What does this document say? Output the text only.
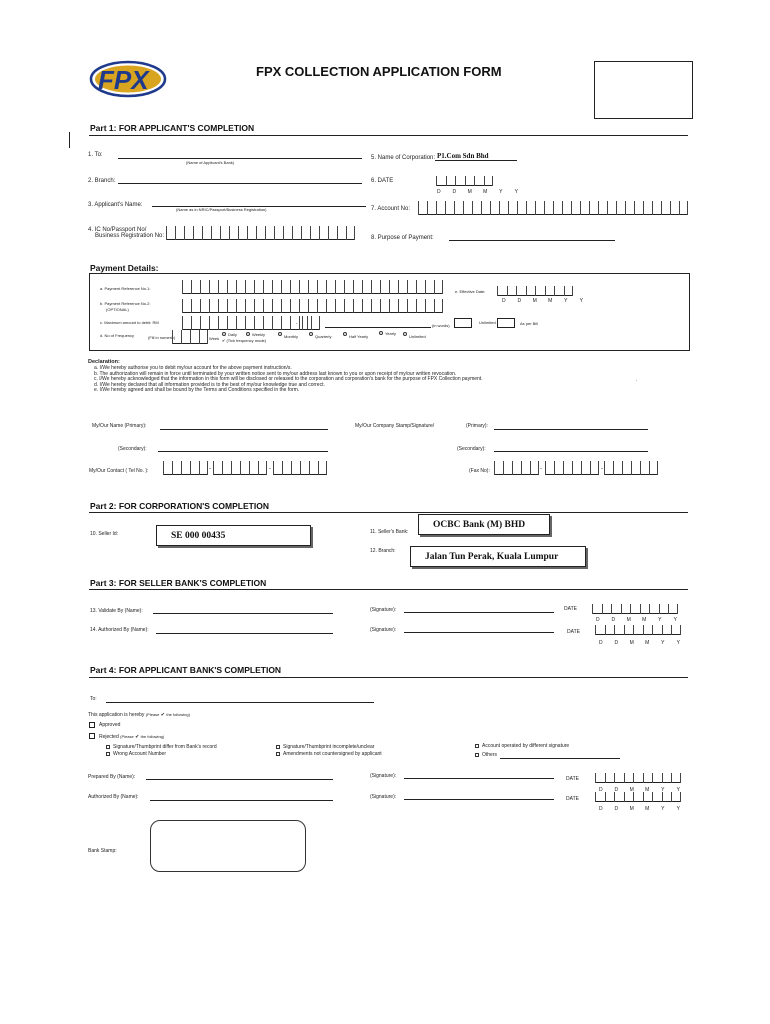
FPX	FPX COLLECTION APPLICATION FORM
Part 1: FOR APPLICANT'S COMPLETION
1. To:
(Name of Applicant's Bank)
2. Branch:
3. Applicant's Name:
(Name as in NRIC/Passport/Business Registration)
4. IC No/Passport No/
Business Registration No:
5. Name of Corporation: P1.Com Sdn Bhd
6. DATE
D	D	M	M	Y	Y
7. Account No:
8. Purpose of Payment:
Payment Details:
a. Payment Reference No.1:
e. Effective Date:
D	D	M	M	Y	Y
b. Payment Reference No.2:
(OPTIONAL)
c. Maximum amount to debit: RM	.	(in words)
Unlimited	As per Bill
d. No of Frequency	(Fill in numeric)	Week
Daily
✔ (Tick frequency mode)
Weekly	Monthly	Quarterly	Half Yearly
Yearly
Unlimited
Declaration:
a. I/We hereby authorise you to debit my/our account for the above payment instruction/s.
b. The authorization will remain in force until terminated by your written notice sent to my/our address last known to you or upon receipt of my/our written revocation.
c. I/We hereby acknowledged that the information in this form will be disclosed or released to the corporation and corporation's bank for the purpose of FPX Collection payment.
d. I/We hereby declared that all information provided is to the best of my/our knowledge true and correct.
e. I/We hereby agreed and shall be bound by the Terms and Conditions specified in the form.
.
My/Our Name (Primary):	My/Our Company Stamp/Signature/	(Primary):
(Secondary):	(Secondary):
My/Our Contact ( Tel No. ):	-	-	(Fax No):	-	-
Part 2: FOR CORPORATION'S COMPLETION
10. Seller Id:	SE 000 00435	11. Seller's Bank:
OCBC Bank (M) BHD
12. Branch:
Jalan Tun Perak, Kuala Lumpur
Part 3: FOR SELLER BANK'S COMPLETION
13. Validate By (Name):	(Signature):	DATE
D	D	M	M	Y	Y
14. Authorized By (Name):	(Signature):	DATE
D	D	M	M	Y	Y
Part 4: FOR APPLICANT BANK'S COMPLETION
To:
This application is hereby (Please ✔ the following)
Approved
Rejected (Please ✔ the following)
Signature/Thumbprint differ from Bank's record
Wrong Account Number
Signature/Thumbprint incomplete/unclear
Amendments not countersigned by applicant
Account operated by different signature
Others
Prepared By (Name):	(Signature):	DATE
D	D	M	M	Y	Y
Authorized By (Name):	(Signature):	DATE
D	D	M	M	Y	Y
Bank Stamp:
